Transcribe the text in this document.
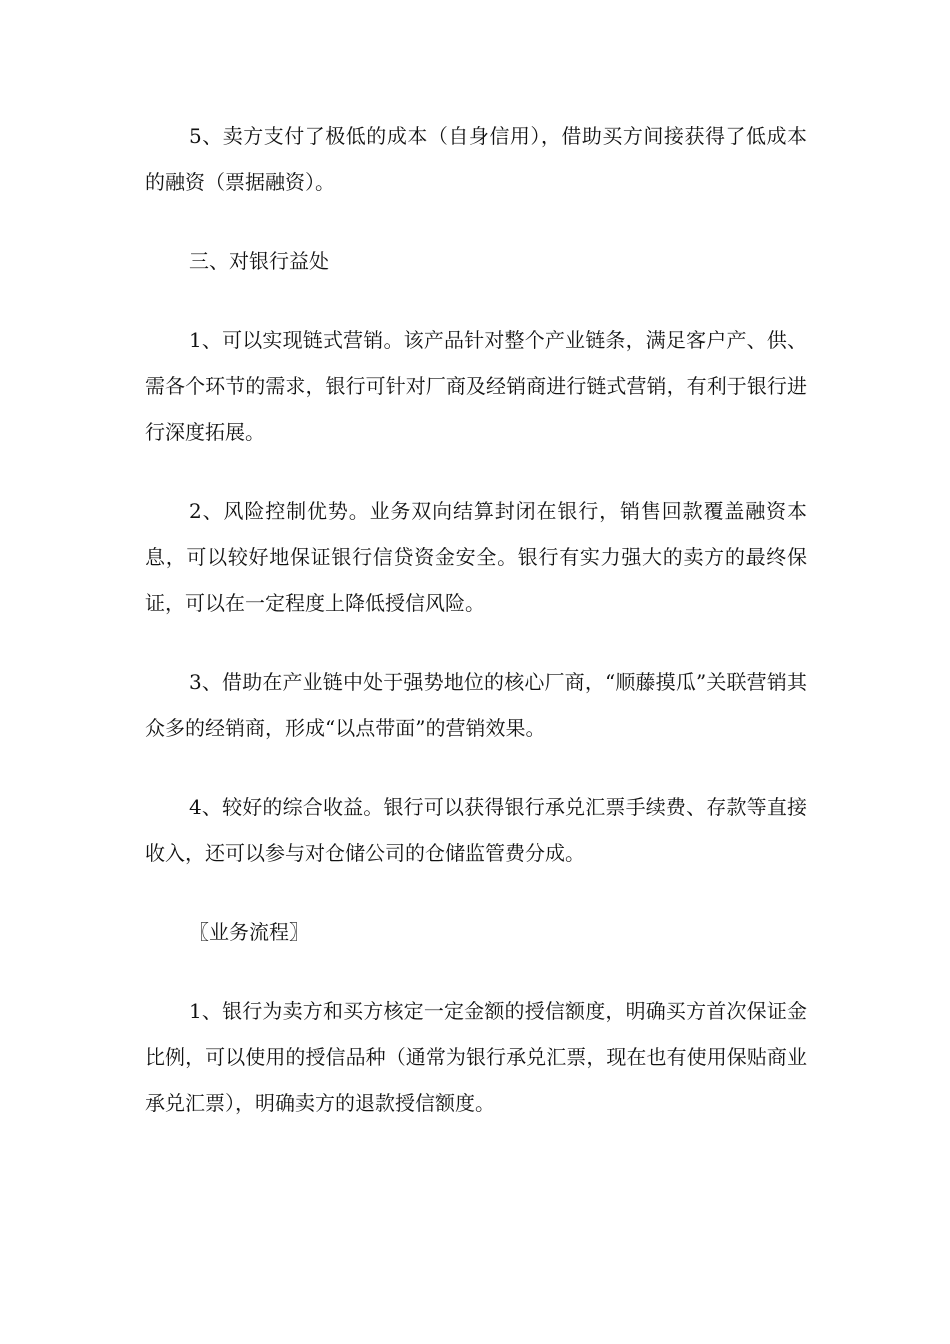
5、卖方支付了极低的成本（自身信用），借助买方间接获得了低成本的融资（票据融资）。

三、对银行益处

1、可以实现链式营销。该产品针对整个产业链条，满足客户产、供、需各个环节的需求，银行可针对厂商及经销商进行链式营销，有利于银行进行深度拓展。

2、风险控制优势。业务双向结算封闭在银行，销售回款覆盖融资本息，可以较好地保证银行信贷资金安全。银行有实力强大的卖方的最终保证，可以在一定程度上降低授信风险。

3、借助在产业链中处于强势地位的核心厂商，“顺藤摸瓜”关联营销其众多的经销商，形成“以点带面”的营销效果。

4、较好的综合收益。银行可以获得银行承兑汇票手续费、存款等直接收入，还可以参与对仓储公司的仓储监管费分成。

〖业务流程〗

1、银行为卖方和买方核定一定金额的授信额度，明确买方首次保证金比例，可以使用的授信品种（通常为银行承兑汇票，现在也有使用保贴商业承兑汇票），明确卖方的退款授信额度。
